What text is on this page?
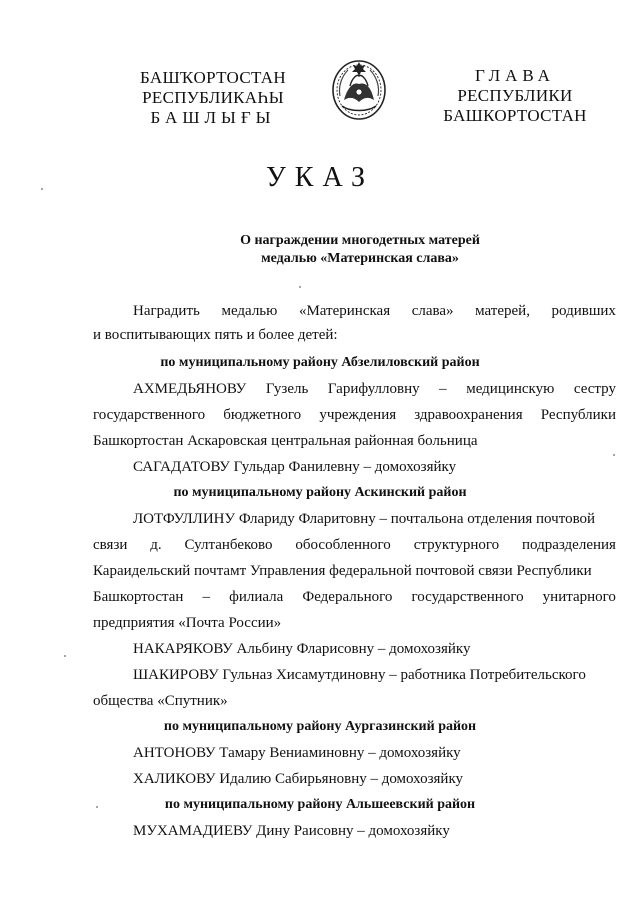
БАШҠОРТОСТАН
РЕСПУБЛИКАҺЫ
БАШЛЫҒЫ
ГЛАВА
РЕСПУБЛИКИ
БАШКОРТОСТАН
УКАЗ
О награждении многодетных матерей
медалью «Материнская слава»
Наградить медалью «Материнская слава» матерей, родивших
и воспитывающих пять и более детей:
по муниципальному району Абзелиловский район
АХМЕДЬЯНОВУ Гузель Гарифулловну – медицинскую сестру
государственного бюджетного учреждения здравоохранения Республики
Башкортостан Аскаровская центральная районная больница
САГАДАТОВУ Гульдар Фанилевну – домохозяйку
по муниципальному району Аскинский район
ЛОТФУЛЛИНУ Флариду Фларитовну – почтальона отделения почтовой
связи д. Султанбеково обособленного структурного подразделения
Караидельский почтамт Управления федеральной почтовой связи Республики
Башкортостан – филиала Федерального государственного унитарного
предприятия «Почта России»
НАКАРЯКОВУ Альбину Фларисовну – домохозяйку
ШАКИРОВУ Гульназ Хисамутдиновну – работника Потребительского
общества «Спутник»
по муниципальному району Аургазинский район
АНТОНОВУ Тамару Вениаминовну – домохозяйку
ХАЛИКОВУ Идалию Сабирьяновну – домохозяйку
по муниципальному району Альшеевский район
МУХАМАДИЕВУ Дину Раисовну – домохозяйку
